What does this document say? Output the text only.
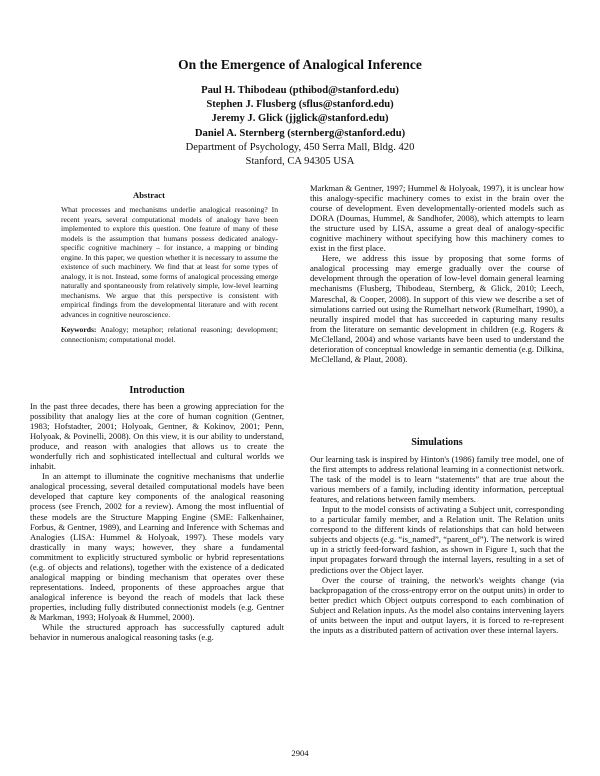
On the Emergence of Analogical Inference
Paul H. Thibodeau (pthibod@stanford.edu)
Stephen J. Flusberg (sflus@stanford.edu)
Jeremy J. Glick (jjglick@stanford.edu)
Daniel A. Sternberg (sternberg@stanford.edu)
Department of Psychology, 450 Serra Mall, Bldg. 420
Stanford, CA 94305 USA
Abstract

What processes and mechanisms underlie analogical reasoning? In recent years, several computational models of analogy have been implemented to explore this question. One feature of many of these models is the assumption that humans possess dedicated analogy-specific cognitive machinery – for instance, a mapping or binding engine. In this paper, we question whether it is necessary to assume the existence of such machinery. We find that at least for some types of analogy, it is not. Instead, some forms of analogical processing emerge naturally and spontaneously from relatively simple, low-level learning mechanisms. We argue that this perspective is consistent with empirical findings from the developmental literature and with recent advances in cognitive neuroscience.

Keywords: Analogy; metaphor; relational reasoning; development; connectionism; computational model.

Introduction

In the past three decades, there has been a growing appreciation for the possibility that analogy lies at the core of human cognition (Gentner, 1983; Hofstadter, 2001; Holyoak, Gentner, & Kokinov, 2001; Penn, Holyoak, & Povinelli, 2008). On this view, it is our ability to understand, produce, and reason with analogies that allows us to create the wonderfully rich and sophisticated intellectual and cultural worlds we inhabit.

In an attempt to illuminate the cognitive mechanisms that underlie analogical processing, several detailed computational models have been developed that capture key components of the analogical reasoning process (see French, 2002 for a review). Among the most influential of these models are the Structure Mapping Engine (SME: Falkenhainer, Forbus, & Gentner, 1989), and Learning and Inference with Schemas and Analogies (LISA: Hummel & Holyoak, 1997). These models vary drastically in many ways; however, they share a fundamental commitment to explicitly structured symbolic or hybrid representations (e.g. of objects and relations), together with the existence of a dedicated analogical mapping or binding mechanism that operates over these representations. Indeed, proponents of these approaches argue that analogical inference is beyond the reach of models that lack these properties, including fully distributed connectionist models (e.g. Gentner & Markman, 1993; Holyoak & Hummel, 2000).

While the structured approach has successfully captured adult behavior in numerous analogical reasoning tasks (e.g.

Markman & Gentner, 1997; Hummel & Holyoak, 1997), it is unclear how this analogy-specific machinery comes to exist in the brain over the course of development. Even developmentally-oriented models such as DORA (Doumas, Hummel, & Sandhofer, 2008), which attempts to learn the structure used by LISA, assume a great deal of analogy-specific cognitive machinery without specifying how this machinery comes to exist in the first place.

Here, we address this issue by proposing that some forms of analogical processing may emerge gradually over the course of development through the operation of low-level domain general learning mechanisms (Flusberg, Thibodeau, Sternberg, & Glick, 2010; Leech, Mareschal, & Cooper, 2008). In support of this view we describe a set of simulations carried out using the Rumelhart network (Rumelhart, 1990), a neurally inspired model that has succeeded in capturing many results from the literature on semantic development in children (e.g. Rogers & McClelland, 2004) and whose variants have been used to understand the deterioration of conceptual knowledge in semantic dementia (e.g. Dilkina, McClelland, & Plaut, 2008).

Simulations

Our learning task is inspired by Hinton's (1986) family tree model, one of the first attempts to address relational learning in a connectionist network. The task of the model is to learn “statements” that are true about the various members of a family, including identity information, perceptual features, and relations between family members.

Input to the model consists of activating a Subject unit, corresponding to a particular family member, and a Relation unit. The Relation units correspond to the different kinds of relationships that can hold between subjects and objects (e.g. “is_named”, “parent_of”). The network is wired up in a strictly feed-forward fashion, as shown in Figure 1, such that the input propagates forward through the internal layers, resulting in a set of predictions over the Object layer.

Over the course of training, the network's weights change (via backpropagation of the cross-entropy error on the output units) in order to better predict which Object outputs correspond to each combination of Subject and Relation inputs. As the model also contains intervening layers of units between the input and output layers, it is forced to re-represent the inputs as a distributed pattern of activation over these internal layers.

2904
